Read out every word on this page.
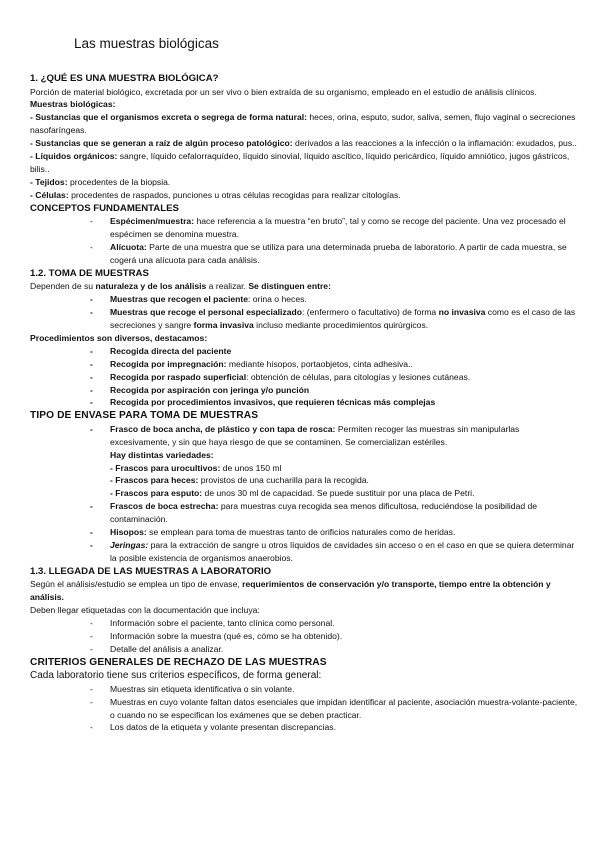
Las muestras biológicas

1. ¿QUÉ ES UNA MUESTRA BIOLÓGICA?

Porción de material biológico, excretada por un ser vivo o bien extraída de su organismo, empleado en el estudio de análisis clínicos.

Muestras biológicas:

- Sustancias que el organismos excreta o segrega de forma natural: heces, orina, esputo, sudor, saliva, semen, flujo vaginal o secreciones nasofaríngeas.

- Sustancias que se generan a raíz de algún proceso patológico: derivados a las reacciones a la infección o la inflamación: exudados, pus..

- Líquidos orgánicos: sangre, líquido cefalorraquídeo, líquido sinovial, líquido ascítico, líquido pericárdico, líquido amniótico, jugos gástricos, bilis..

- Tejidos: procedentes de la biopsia.

- Células: procedentes de raspados, punciones u otras células recogidas para realizar citologías.

CONCEPTOS FUNDAMENTALES

- Espécimen/muestra: hace referencia a la muestra “en bruto”, tal y como se recoge del paciente. Una vez procesado el espécimen se denomina muestra.
- Alícuota: Parte de una muestra que se utiliza para una determinada prueba de laboratorio. A partir de cada muestra, se cogerá una alícuota para cada análisis.

1.2. TOMA DE MUESTRAS

Dependen de su naturaleza y de los análisis a realizar. Se distinguen entre:

- Muestras que recogen el paciente: orina o heces.
- Muestras que recoge el personal especializado: (enfermero o facultativo) de forma no invasiva como es el caso de las secreciones y sangre forma invasiva incluso mediante procedimientos quirúrgicos.

Procedimientos son diversos, destacamos:

- Recogida directa del paciente
- Recogida por impregnación: mediante hisopos, portaobjetos, cinta adhesiva..
- Recogida por raspado superficial: obtención de células, para citologías y lesiones cutáneas.
- Recogida por aspiración con jeringa y/o punción
- Recogida por procedimientos invasivos, que requieren técnicas más complejas

TIPO DE ENVASE PARA TOMA DE MUESTRAS

- Frasco de boca ancha, de plástico y con tapa de rosca: Permiten recoger las muestras sin manipularlas excesivamente, y sin que haya riesgo de que se contaminen. Se comercializan estériles.

Hay distintas variedades:

- Frascos para urocultivos: de unos 150 ml

- Frascos para heces: provistos de una cucharilla para la recogida.

- Frascos para esputo: de unos 30 ml de capacidad. Se puede sustituir por una placa de Petri.

- Frascos de boca estrecha: para muestras cuya recogida sea menos dificultosa, reduciéndose la posibilidad de contaminación.
- Hisopos: se emplean para toma de muestras tanto de orificios naturales como de heridas.
- Jeringas: para la extracción de sangre u otros líquidos de cavidades sin acceso o en el caso en que se quiera determinar la posible existencia de organismos anaerobios.

1.3. LLEGADA DE LAS MUESTRAS A LABORATORIO

Según el análisis/estudio se emplea un tipo de envase, requerimientos de conservación y/o transporte, tiempo entre la obtención y análisis.

Deben llegar etiquetadas con la documentación que incluya:

- Información sobre el paciente, tanto clínica como personal.
- Información sobre la muestra (qué es, cómo se ha obtenido).
- Detalle del análisis a analizar.

CRITERIOS GENERALES DE RECHAZO DE LAS MUESTRAS

Cada laboratorio tiene sus criterios específicos, de forma general:

- Muestras sin etiqueta identificativa o sin volante.
- Muestras en cuyo volante faltan datos esenciales que impidan identificar al paciente, asociación muestra-volante-paciente, o cuando no se especifican los exámenes que se deben practicar.
- Los datos de la etiqueta y volante presentan discrepancias.
